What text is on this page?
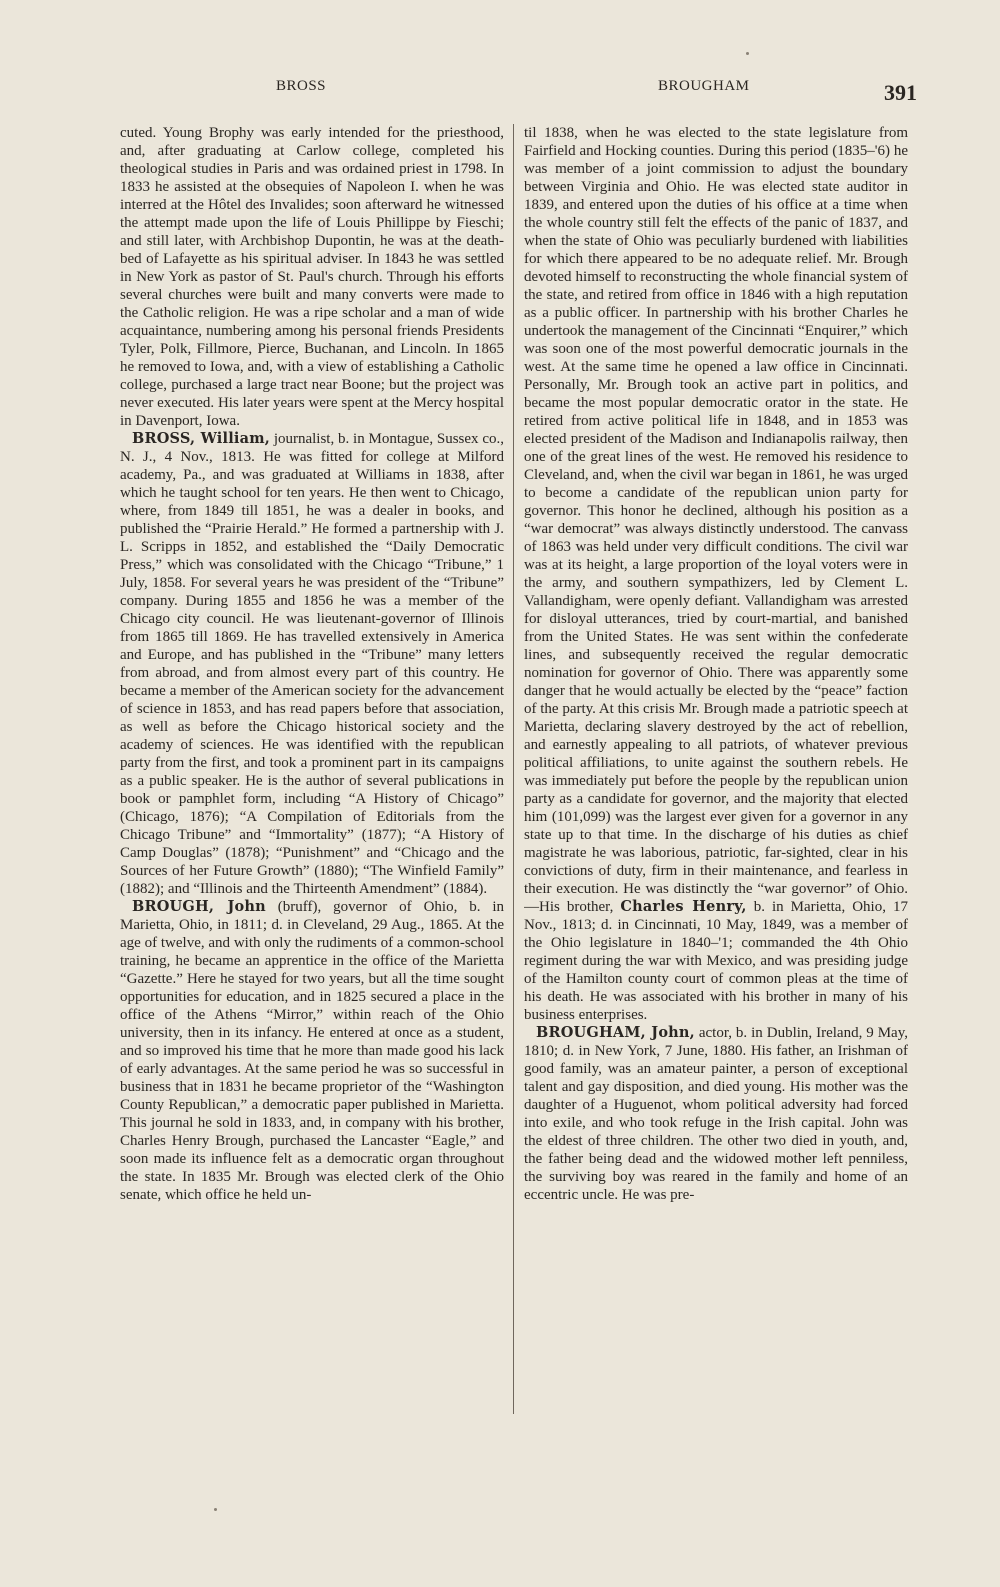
BROSS	BROUGHAM	391

cuted. Young Brophy was early intended for the priesthood, and, after graduating at Carlow college, completed his theological studies in Paris and was ordained priest in 1798. In 1833 he assisted at the obsequies of Napoleon I. when he was interred at the Hôtel des Invalides; soon afterward he witnessed the attempt made upon the life of Louis Phillippe by Fieschi; and still later, with Archbishop Dupontin, he was at the death-bed of Lafayette as his spiritual adviser. In 1843 he was settled in New York as pastor of St. Paul's church. Through his efforts several churches were built and many converts were made to the Catholic religion. He was a ripe scholar and a man of wide acquaintance, numbering among his personal friends Presidents Tyler, Polk, Fillmore, Pierce, Buchanan, and Lincoln. In 1865 he removed to Iowa, and, with a view of establishing a Catholic college, purchased a large tract near Boone; but the project was never executed. His later years were spent at the Mercy hospital in Davenport, Iowa.

BROSS, William, journalist, b. in Montague, Sussex co., N. J., 4 Nov., 1813. He was fitted for college at Milford academy, Pa., and was graduated at Williams in 1838, after which he taught school for ten years. He then went to Chicago, where, from 1849 till 1851, he was a dealer in books, and published the “Prairie Herald.” He formed a partnership with J. L. Scripps in 1852, and established the “Daily Democratic Press,” which was consolidated with the Chicago “Tribune,” 1 July, 1858. For several years he was president of the “Tribune” company. During 1855 and 1856 he was a member of the Chicago city council. He was lieutenant-governor of Illinois from 1865 till 1869. He has travelled extensively in America and Europe, and has published in the “Tribune” many letters from abroad, and from almost every part of this country. He became a member of the American society for the advancement of science in 1853, and has read papers before that association, as well as before the Chicago historical society and the academy of sciences. He was identified with the republican party from the first, and took a prominent part in its campaigns as a public speaker. He is the author of several publications in book or pamphlet form, including “A History of Chicago” (Chicago, 1876); “A Compilation of Editorials from the Chicago Tribune” and “Immortality” (1877); “A History of Camp Douglas” (1878); “Punishment” and “Chicago and the Sources of her Future Growth” (1880); “The Winfield Family” (1882); and “Illinois and the Thirteenth Amendment” (1884).

BROUGH, John (bruff), governor of Ohio, b. in Marietta, Ohio, in 1811; d. in Cleveland, 29 Aug., 1865. At the age of twelve, and with only the rudiments of a common-school training, he became an apprentice in the office of the Marietta “Gazette.” Here he stayed for two years, but all the time sought opportunities for education, and in 1825 secured a place in the office of the Athens “Mirror,” within reach of the Ohio university, then in its infancy. He entered at once as a student, and so improved his time that he more than made good his lack of early advantages. At the same period he was so successful in business that in 1831 he became proprietor of the “Washington County Republican,” a democratic paper published in Marietta. This journal he sold in 1833, and, in company with his brother, Charles Henry Brough, purchased the Lancaster “Eagle,” and soon made its influence felt as a democratic organ throughout the state. In 1835 Mr. Brough was elected clerk of the Ohio senate, which office he held un-

til 1838, when he was elected to the state legislature from Fairfield and Hocking counties. During this period (1835–'6) he was member of a joint commission to adjust the boundary between Virginia and Ohio. He was elected state auditor in 1839, and entered upon the duties of his office at a time when the whole country still felt the effects of the panic of 1837, and when the state of Ohio was peculiarly burdened with liabilities for which there appeared to be no adequate relief. Mr. Brough devoted himself to reconstructing the whole financial system of the state, and retired from office in 1846 with a high reputation as a public officer. In partnership with his brother Charles he undertook the management of the Cincinnati “Enquirer,” which was soon one of the most powerful democratic journals in the west. At the same time he opened a law office in Cincinnati. Personally, Mr. Brough took an active part in politics, and became the most popular democratic orator in the state. He retired from active political life in 1848, and in 1853 was elected president of the Madison and Indianapolis railway, then one of the great lines of the west. He removed his residence to Cleveland, and, when the civil war began in 1861, he was urged to become a candidate of the republican union party for governor. This honor he declined, although his position as a “war democrat” was always distinctly understood. The canvass of 1863 was held under very difficult conditions. The civil war was at its height, a large proportion of the loyal voters were in the army, and southern sympathizers, led by Clement L. Vallandigham, were openly defiant. Vallandigham was arrested for disloyal utterances, tried by court-martial, and banished from the United States. He was sent within the confederate lines, and subsequently received the regular democratic nomination for governor of Ohio. There was apparently some danger that he would actually be elected by the “peace” faction of the party. At this crisis Mr. Brough made a patriotic speech at Marietta, declaring slavery destroyed by the act of rebellion, and earnestly appealing to all patriots, of whatever previous political affiliations, to unite against the southern rebels. He was immediately put before the people by the republican union party as a candidate for governor, and the majority that elected him (101,099) was the largest ever given for a governor in any state up to that time. In the discharge of his duties as chief magistrate he was laborious, patriotic, far-sighted, clear in his convictions of duty, firm in their maintenance, and fearless in their execution. He was distinctly the “war governor” of Ohio.—His brother, Charles Henry, b. in Marietta, Ohio, 17 Nov., 1813; d. in Cincinnati, 10 May, 1849, was a member of the Ohio legislature in 1840–'1; commanded the 4th Ohio regiment during the war with Mexico, and was presiding judge of the Hamilton county court of common pleas at the time of his death. He was associated with his brother in many of his business enterprises.

BROUGHAM, John, actor, b. in Dublin, Ireland, 9 May, 1810; d. in New York, 7 June, 1880. His father, an Irishman of good family, was an amateur painter, a person of exceptional talent and gay disposition, and died young. His mother was the daughter of a Huguenot, whom political adversity had forced into exile, and who took refuge in the Irish capital. John was the eldest of three children. The other two died in youth, and, the father being dead and the widowed mother left penniless, the surviving boy was reared in the family and home of an eccentric uncle. He was pre-
